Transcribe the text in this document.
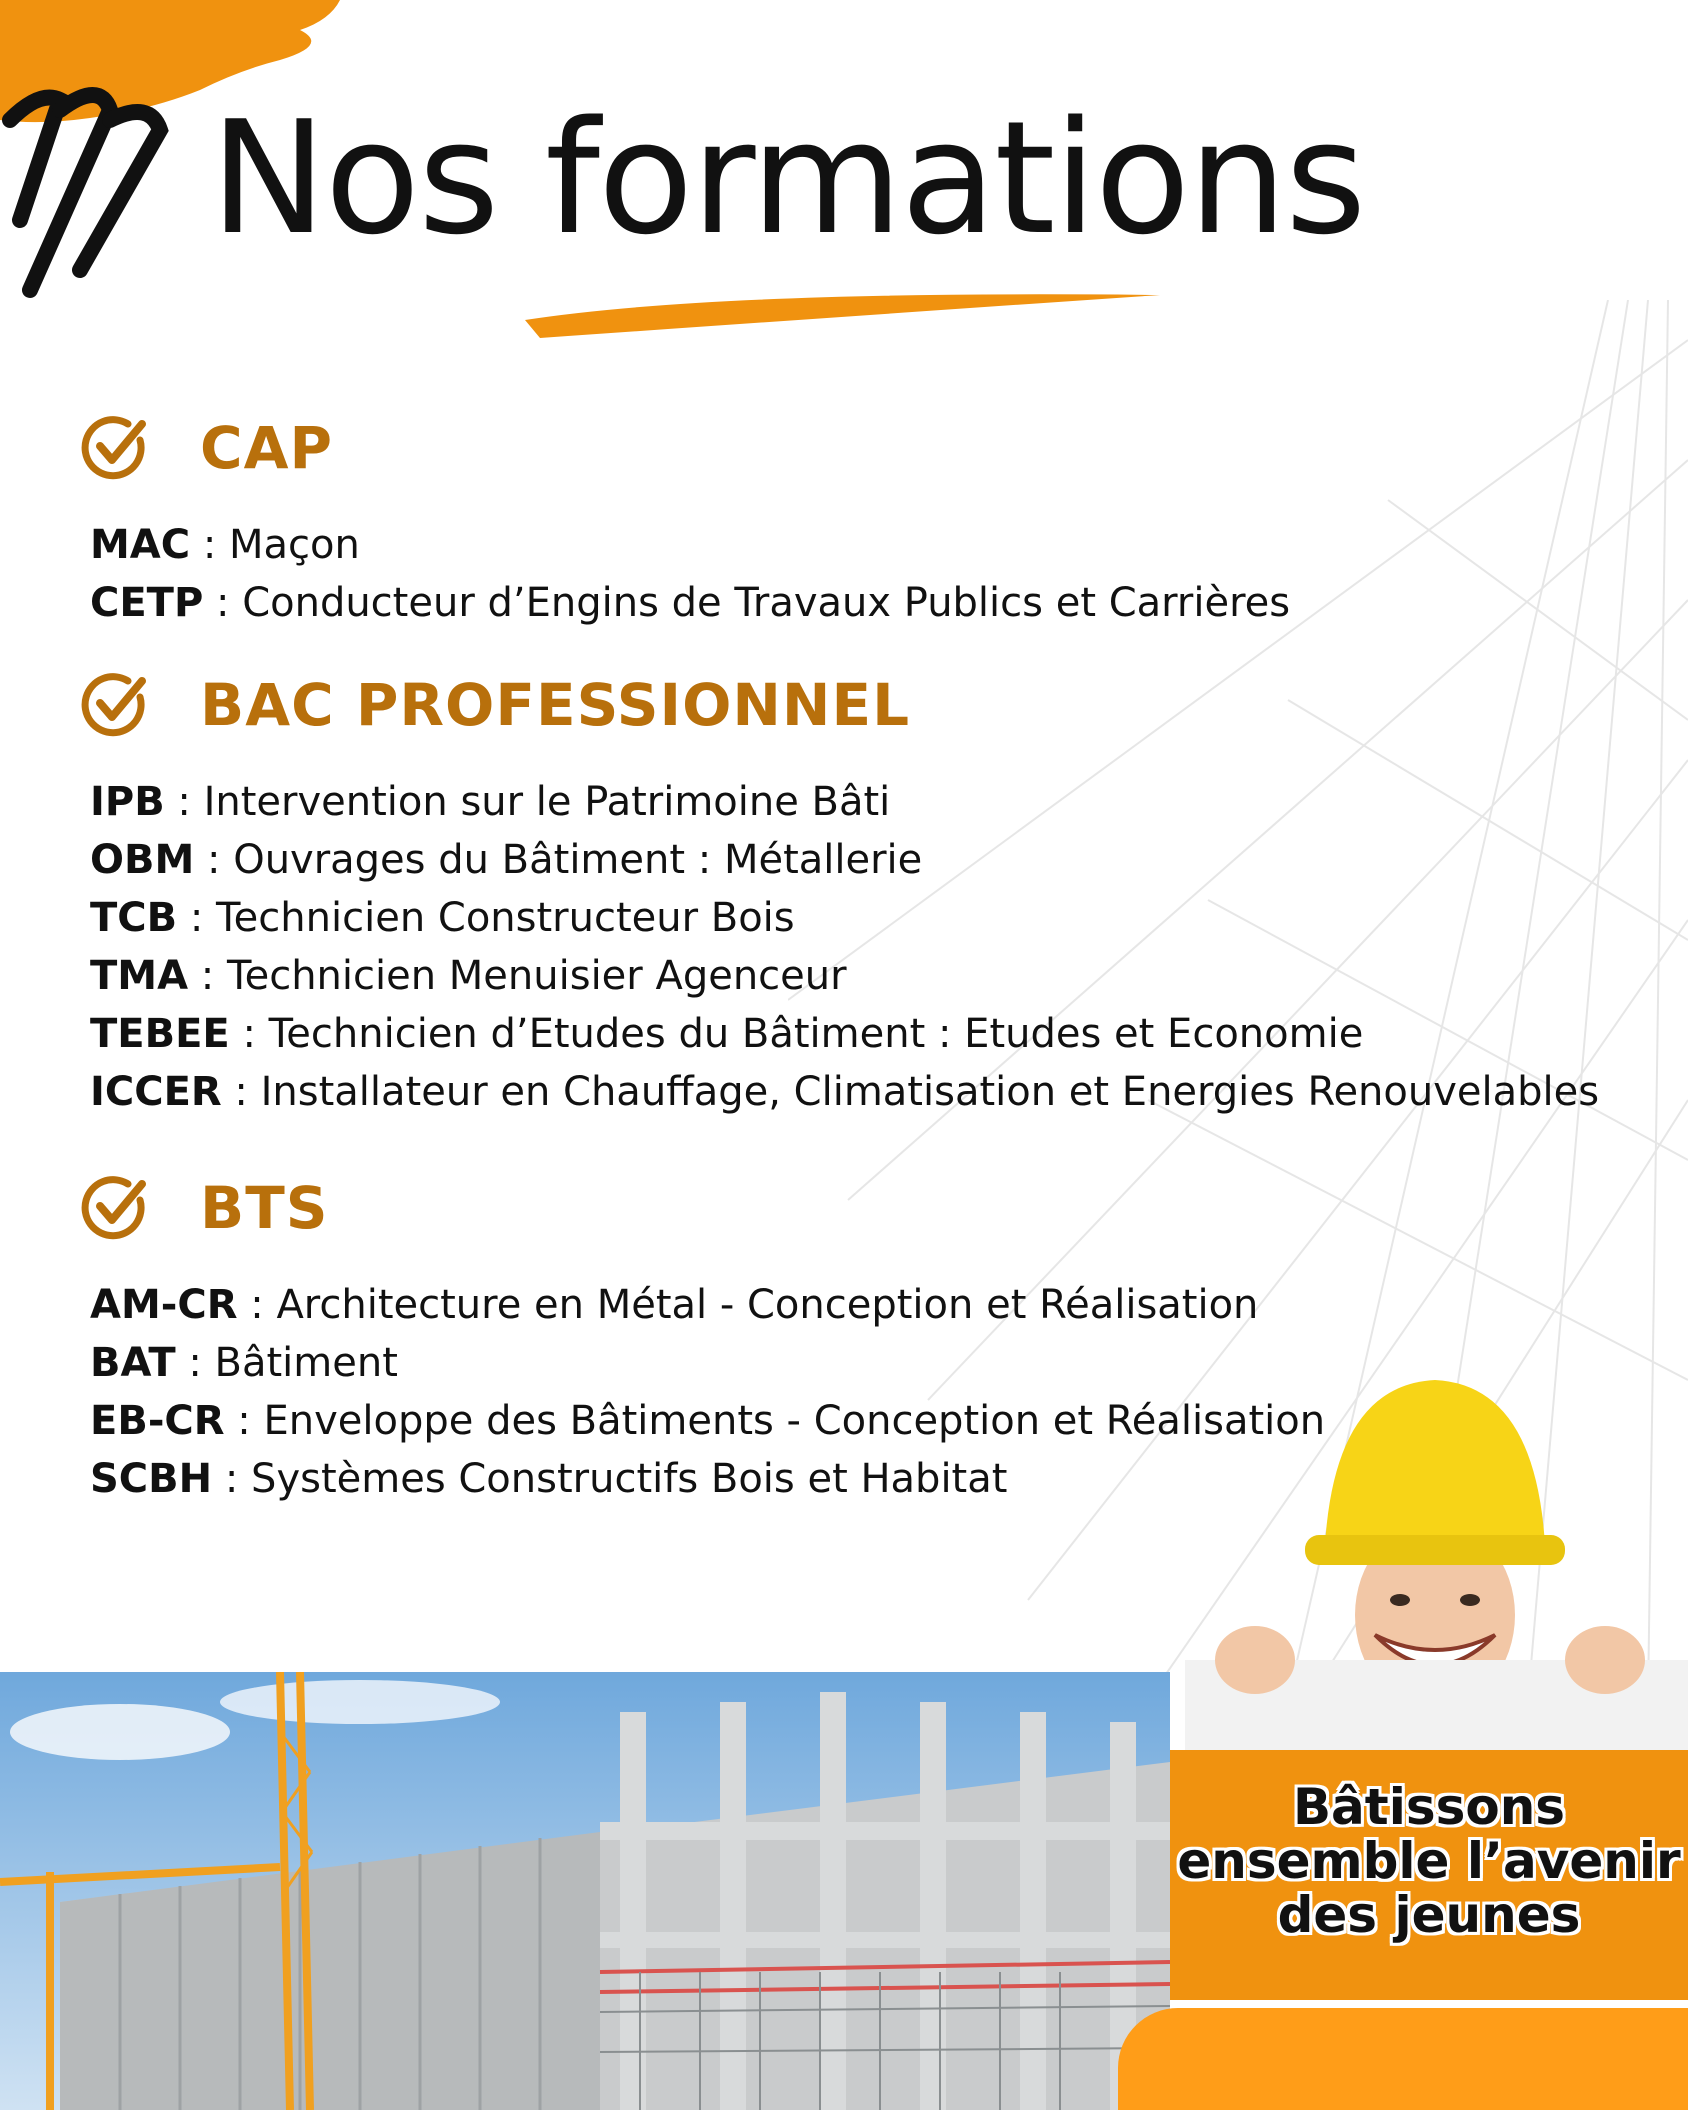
Nos formations
CAP
MAC : Maçon
CETP : Conducteur d’Engins de Travaux Publics et Carrières
BAC PROFESSIONNEL
IPB : Intervention sur le Patrimoine Bâti
OBM : Ouvrages du Bâtiment : Métallerie
TCB : Technicien Constructeur Bois
TMA : Technicien Menuisier Agenceur
TEBEE : Technicien d’Etudes du Bâtiment : Etudes et Economie
ICCER : Installateur en Chauffage, Climatisation et Energies Renouvelables
BTS
AM-CR : Architecture en Métal - Conception et Réalisation
BAT : Bâtiment
EB-CR : Enveloppe des Bâtiments - Conception et Réalisation
SCBH : Systèmes Constructifs Bois et Habitat

Bâtissons
ensemble l’avenir
des jeunes
